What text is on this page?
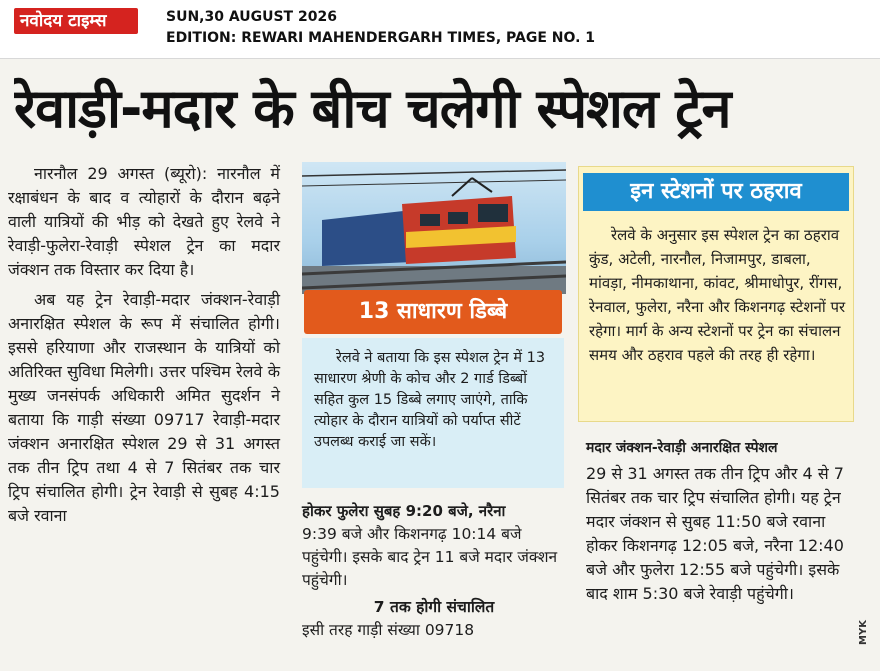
नवोदय टाइम्स	SUN,30 AUGUST 2026
EDITION: REWARI MAHENDERGARH TIMES, PAGE NO. 1
रेवाड़ी-मदार के बीच चलेगी स्पेशल ट्रेन

नारनौल 29 अगस्त (ब्यूरो): नारनौल में रक्षाबंधन के बाद व त्योहारों के दौरान बढ़ने वाली यात्रियों की भीड़ को देखते हुए रेलवे ने रेवाड़ी-फुलेरा-रेवाड़ी स्पेशल ट्रेन का मदार जंक्शन तक विस्तार कर दिया है।

अब यह ट्रेन रेवाड़ी-मदार जंक्शन-रेवाड़ी अनारक्षित स्पेशल के रूप में संचालित होगी। इससे हरियाणा और राजस्थान के यात्रियों को अतिरिक्त सुविधा मिलेगी। उत्तर पश्चिम रेलवे के मुख्य जनसंपर्क अधिकारी अमित सुदर्शन ने बताया कि गाड़ी संख्या 09717 रेवाड़ी-मदार जंक्शन अनारक्षित स्पेशल 29 से 31 अगस्त तक तीन ट्रिप तथा 4 से 7 सितंबर तक चार ट्रिप संचालित होगी। ट्रेन रेवाड़ी से सुबह 4:15 बजे रवाना

13 साधारण डिब्बे

रेलवे ने बताया कि इस स्पेशल ट्रेन में 13 साधारण श्रेणी के कोच और 2 गार्ड डिब्बों सहित कुल 15 डिब्बे लगाए जाएंगे, ताकि त्योहार के दौरान यात्रियों को पर्याप्त सीटें उपलब्ध कराई जा सकें।

होकर फुलेरा सुबह 9:20 बजे, नरैना

9:39 बजे और किशनगढ़ 10:14 बजे पहुंचेगी। इसके बाद ट्रेन 11 बजे मदार जंक्शन पहुंचेगी।

7 तक होगी संचालित

इसी तरह गाड़ी संख्या 09718

इन स्टेशनों पर ठहराव

रेलवे के अनुसार इस स्पेशल ट्रेन का ठहराव कुंड, अटेली, नारनौल, निजामपुर, डाबला, मांवड़ा, नीमकाथाना, कांवट, श्रीमाधोपुर, रींगस, रेनवाल, फुलेरा, नरैना और किशनगढ़ स्टेशनों पर रहेगा। मार्ग के अन्य स्टेशनों पर ट्रेन का संचालन समय और ठहराव पहले की तरह ही रहेगा।

मदार जंक्शन-रेवाड़ी अनारक्षित स्पेशल

29 से 31 अगस्त तक तीन ट्रिप और 4 से 7 सितंबर तक चार ट्रिप संचालित होगी। यह ट्रेन मदार जंक्शन से सुबह 11:50 बजे रवाना होकर किशनगढ़ 12:05 बजे, नरैना 12:40 बजे और फुलेरा 12:55 बजे पहुंचेगी। इसके बाद शाम 5:30 बजे रेवाड़ी पहुंचेगी।

MYK
